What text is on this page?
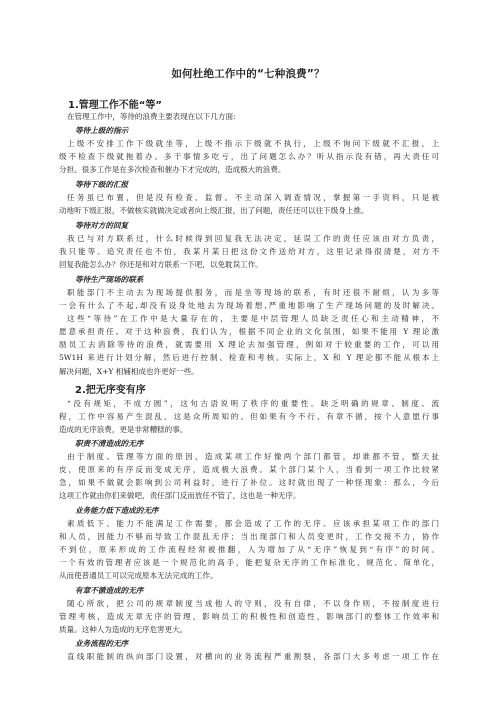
如何杜绝工作中的“七种浪费”？
1.管理工作不能“等”
在管理工作中，等待的浪费主要表现在以下几方面:
等待上级的指示
上级不安排工作下级就坐等，上级不指示下级就不执行，上级不询问下级就不汇报，上
级不检查下级就拖着办。多干事情多吃亏，出了问题怎么办？听从指示没有错，再大责任可
分担。很多工作是在多次检查和催办下才完成的，造成极大的浪费。
等待下级的汇报
任务虽已布置，但是没有检查、监督。不主动深入调查情况，掌握第一手资料，只是被
动地听下级汇报，不做核实就做决定或者向上级汇报，出了问题，责任还可以往下级身上推。
等待对方的回复
我已与对方联系过，什么时候得到回复我无法决定，延误工作的责任应该由对方负责，
我只能等。追究责任也不怕，我某月某日把这份文件送给对方，这里记录得很清楚，对方不
回复我能怎么办？你还是和对方联系一下吧，以免耽误工作。
等待生产现场的联系
职能部门不主动去为现场提供服务，而是坐等现场的联系，有时还很不耐烦，认为多等
一会有什么了不起,却没有设身处地去为现场着想,严重地影响了生产现场问题的及时解决。
这些“等待”在工作中是大量存在的，主要是中层管理人员缺乏责任心和主动精神，不
愿意承担责任。对于这种浪费，我们认为，根据不同企业的文化氛围，如果不能用 Y 理论激
励员工去消除等待的浪费，就需要用 X 理论去加强管理，例如对于较重要的工作，可以用
5W1H 来进行计划分解，然后进行控制、检查和考核。实际上，X 和 Y 理论都不能从根本上
解决问题，X+Y 相辅相成也许更好一些。
2.把无序变有序
“没有规矩，不成方圆”，这句古语说明了秩序的重要性。缺乏明确的规章、制度、流
程，工作中容易产生混乱，这是众所周知的。但如果有今不行、有章不循，按个人意愿行事
造成的无序浪费，更是非常糟糕的事。
职责不清造成的无序
由于制度、管理等方面的原因，造成某项工作好像两个部门都管，却谁都不管，整天扯
皮，使原来的有序反而变成无序，造成极大浪费。某个部门某个人，当看到一项工作比较紧
急，如果不做就会影响到公司利益时，进行了补位。这时就出现了一种怪现象：那么，今后
这项工作就由你们来做吧，责任部门反而放任不管了，这也是一种无序。
业务能力低下造成的无序
素质低下、能力不能满足工作需要，都会造成了工作的无序。应该承担某项工作的部门
和人员，因能力不够而导致工作混乱无序；当出现部门和人员变更时，工作交接不力，协作
不到位，原来形成的工作流程经常被推翻，人为增加了从“无序”恢复到“有序”的时间。
一个有效的管理者应该是一个规范化的高手，能把复杂无序的工作标准化、规范化、简单化，
从而使普通员工可以完成原本无法完成的工作。
有章不循造成的无序
随心所欲，把公司的规章制度当成他人的守则，没有自律，不以身作则，不按制度进行
管理考核，造成无章无序的管理，影响员工的积极性和创造性，影响部门的整体工作效率和
质量。这种人为造成的无序危害更大。
业务流程的无序
直线职能制的纵向部门设置，对横向的业务流程严重割裂，各部门大多考虑一项工作在
